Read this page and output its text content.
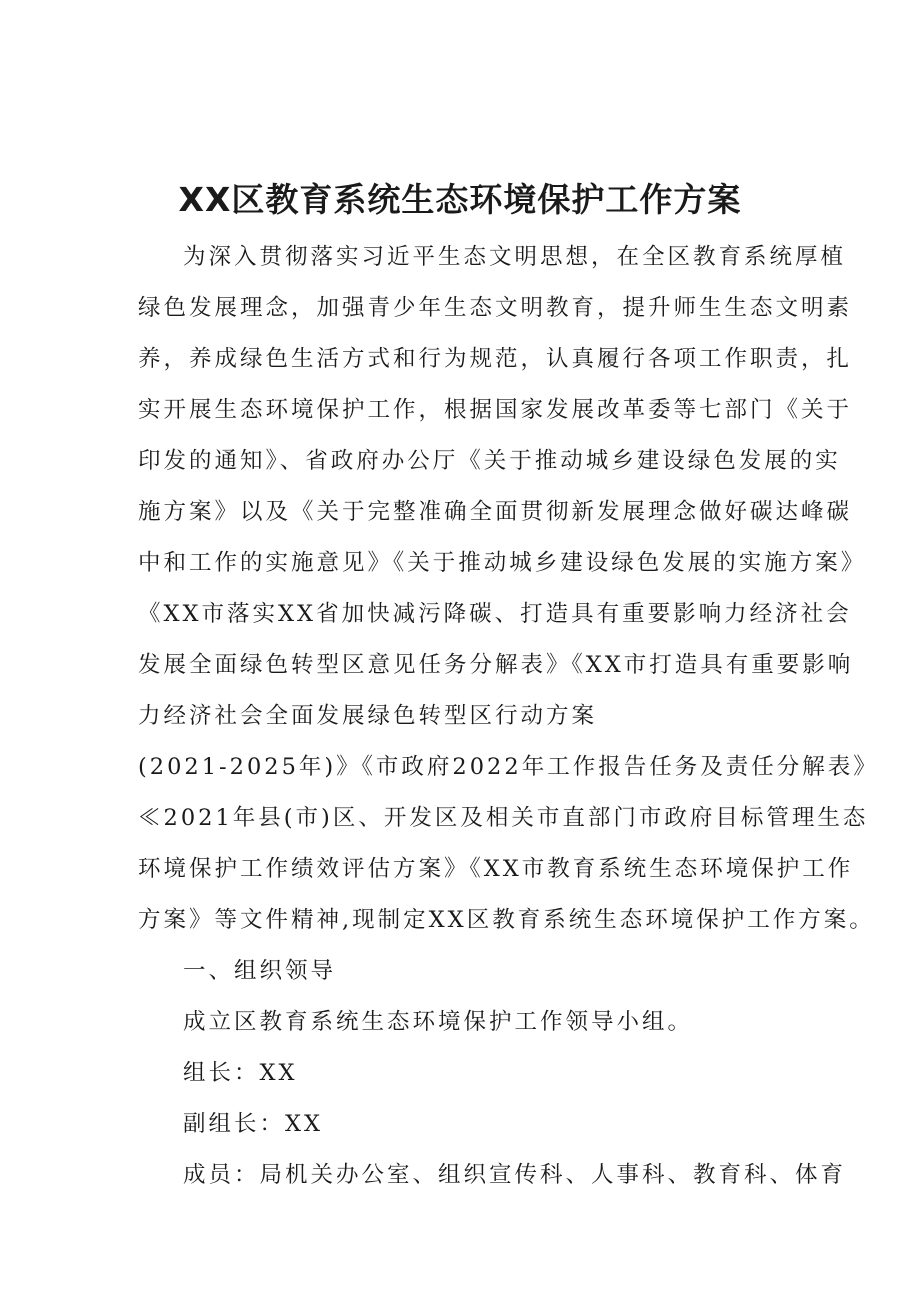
XX区教育系统生态环境保护工作方案
为深入贯彻落实习近平生态文明思想，在全区教育系统厚植
绿色发展理念，加强青少年生态文明教育，提升师生生态文明素
养，养成绿色生活方式和行为规范，认真履行各项工作职责，扎
实开展生态环境保护工作，根据国家发展改革委等七部门《关于
印发的通知》、省政府办公厅《关于推动城乡建设绿色发展的实
施方案》以及《关于完整准确全面贯彻新发展理念做好碳达峰碳
中和工作的实施意见》《关于推动城乡建设绿色发展的实施方案》
《XX市落实XX省加快减污降碳、打造具有重要影响力经济社会
发展全面绿色转型区意见任务分解表》《XX市打造具有重要影响
力经济社会全面发展绿色转型区行动方案
(2021-2025年)》《市政府2022年工作报告任务及责任分解表》
≪2021年县(市)区、开发区及相关市直部门市政府目标管理生态
环境保护工作绩效评估方案》《XX市教育系统生态环境保护工作
方案》等文件精神,现制定XX区教育系统生态环境保护工作方案。
一、组织领导
成立区教育系统生态环境保护工作领导小组。
组长：XX
副组长：XX
成员：局机关办公室、组织宣传科、人事科、教育科、体育
